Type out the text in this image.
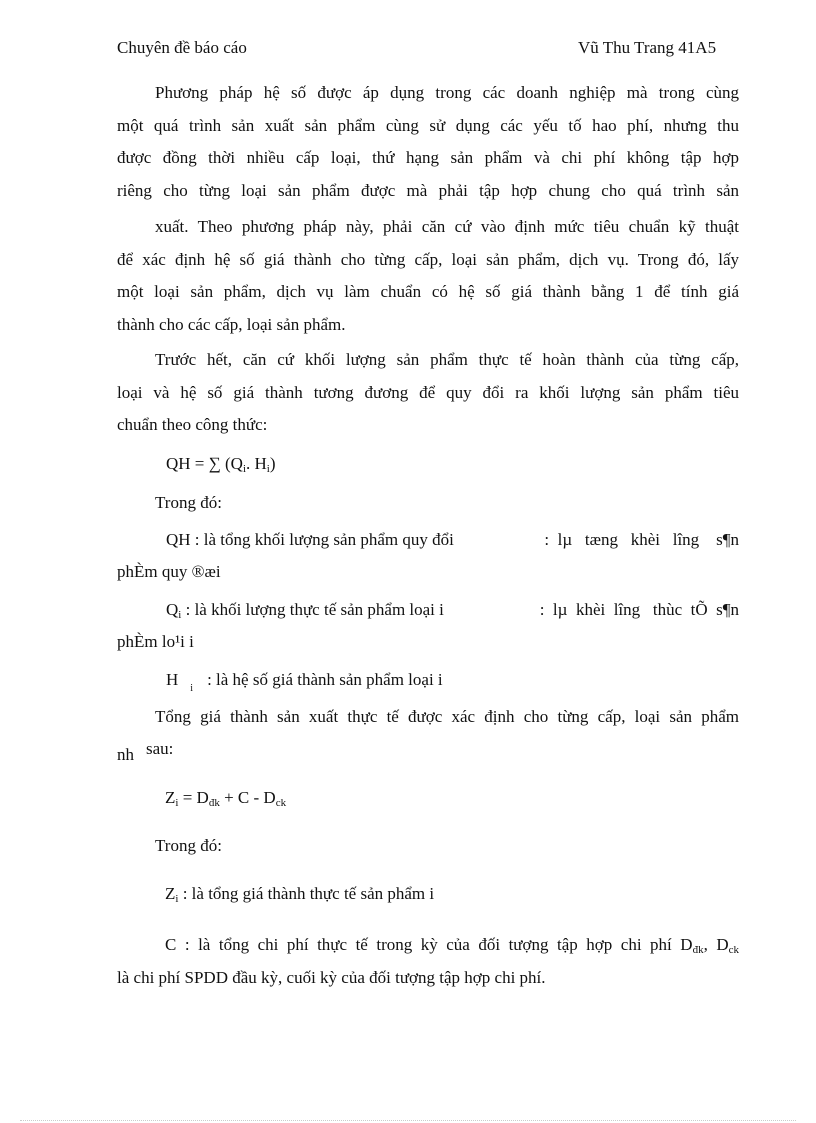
Chuyên đề báo cáo	Vũ Thu Trang 41A5
Phương pháp hệ số được áp dụng trong các doanh nghiệp mà trong cùng
một quá trình sản xuất sản phẩm cùng sử dụng các yếu tố hao phí, nhưng thu
được đồng thời nhiều cấp loại, thứ hạng sản phẩm và chi phí không tập hợp
riêng cho từng loại sản phẩm được mà phải tập hợp chung cho quá trình sản
xuất. Theo phương pháp này, phải căn cứ vào định mức tiêu chuẩn kỹ thuật
để xác định hệ số giá thành cho từng cấp, loại sản phẩm, dịch vụ. Trong đó, lấy
một loại sản phẩm, dịch vụ làm chuẩn có hệ số giá thành bằng 1 để tính giá
thành cho các cấp, loại sản phẩm.
Trước hết, căn cứ khối lượng sản phẩm thực tế hoàn thành của từng cấp,
loại và hệ số giá thành tương đương để quy đổi ra khối lượng sản phẩm tiêu
chuẩn theo công thức:
QH = ∑ ($Q_i$. $H_i$)
Trong đó:
QH : là tổng khối lượng sản phẩm quy đổi	:  lµ   tæng   khèi   lîng    s¶n
phÈm quy ®æi
$Q_i$ : là khối lượng thực tế sản phẩm loại i	:  lµ  khèi  lîng   thùc  tÕ  s¶n
phÈm lo¹i i
H $_i$ : là hệ số giá thành sản phẩm loại i
Tổng giá thành sản xuất thực tế được xác định cho từng cấp, loại sản phẩm
nh sau:
$Z_i = D_{đk} + C - D_{ck}$
Trong đó:
$Z_i$ : là tổng giá thành thực tế sản phẩm i
C : là tổng chi phí thực tế trong kỳ của đối tượng tập hợp chi phí $D_{đk}$, $D_{ck}$
là chi phí SPDD đầu kỳ, cuối kỳ của đối tượng tập hợp chi phí.
